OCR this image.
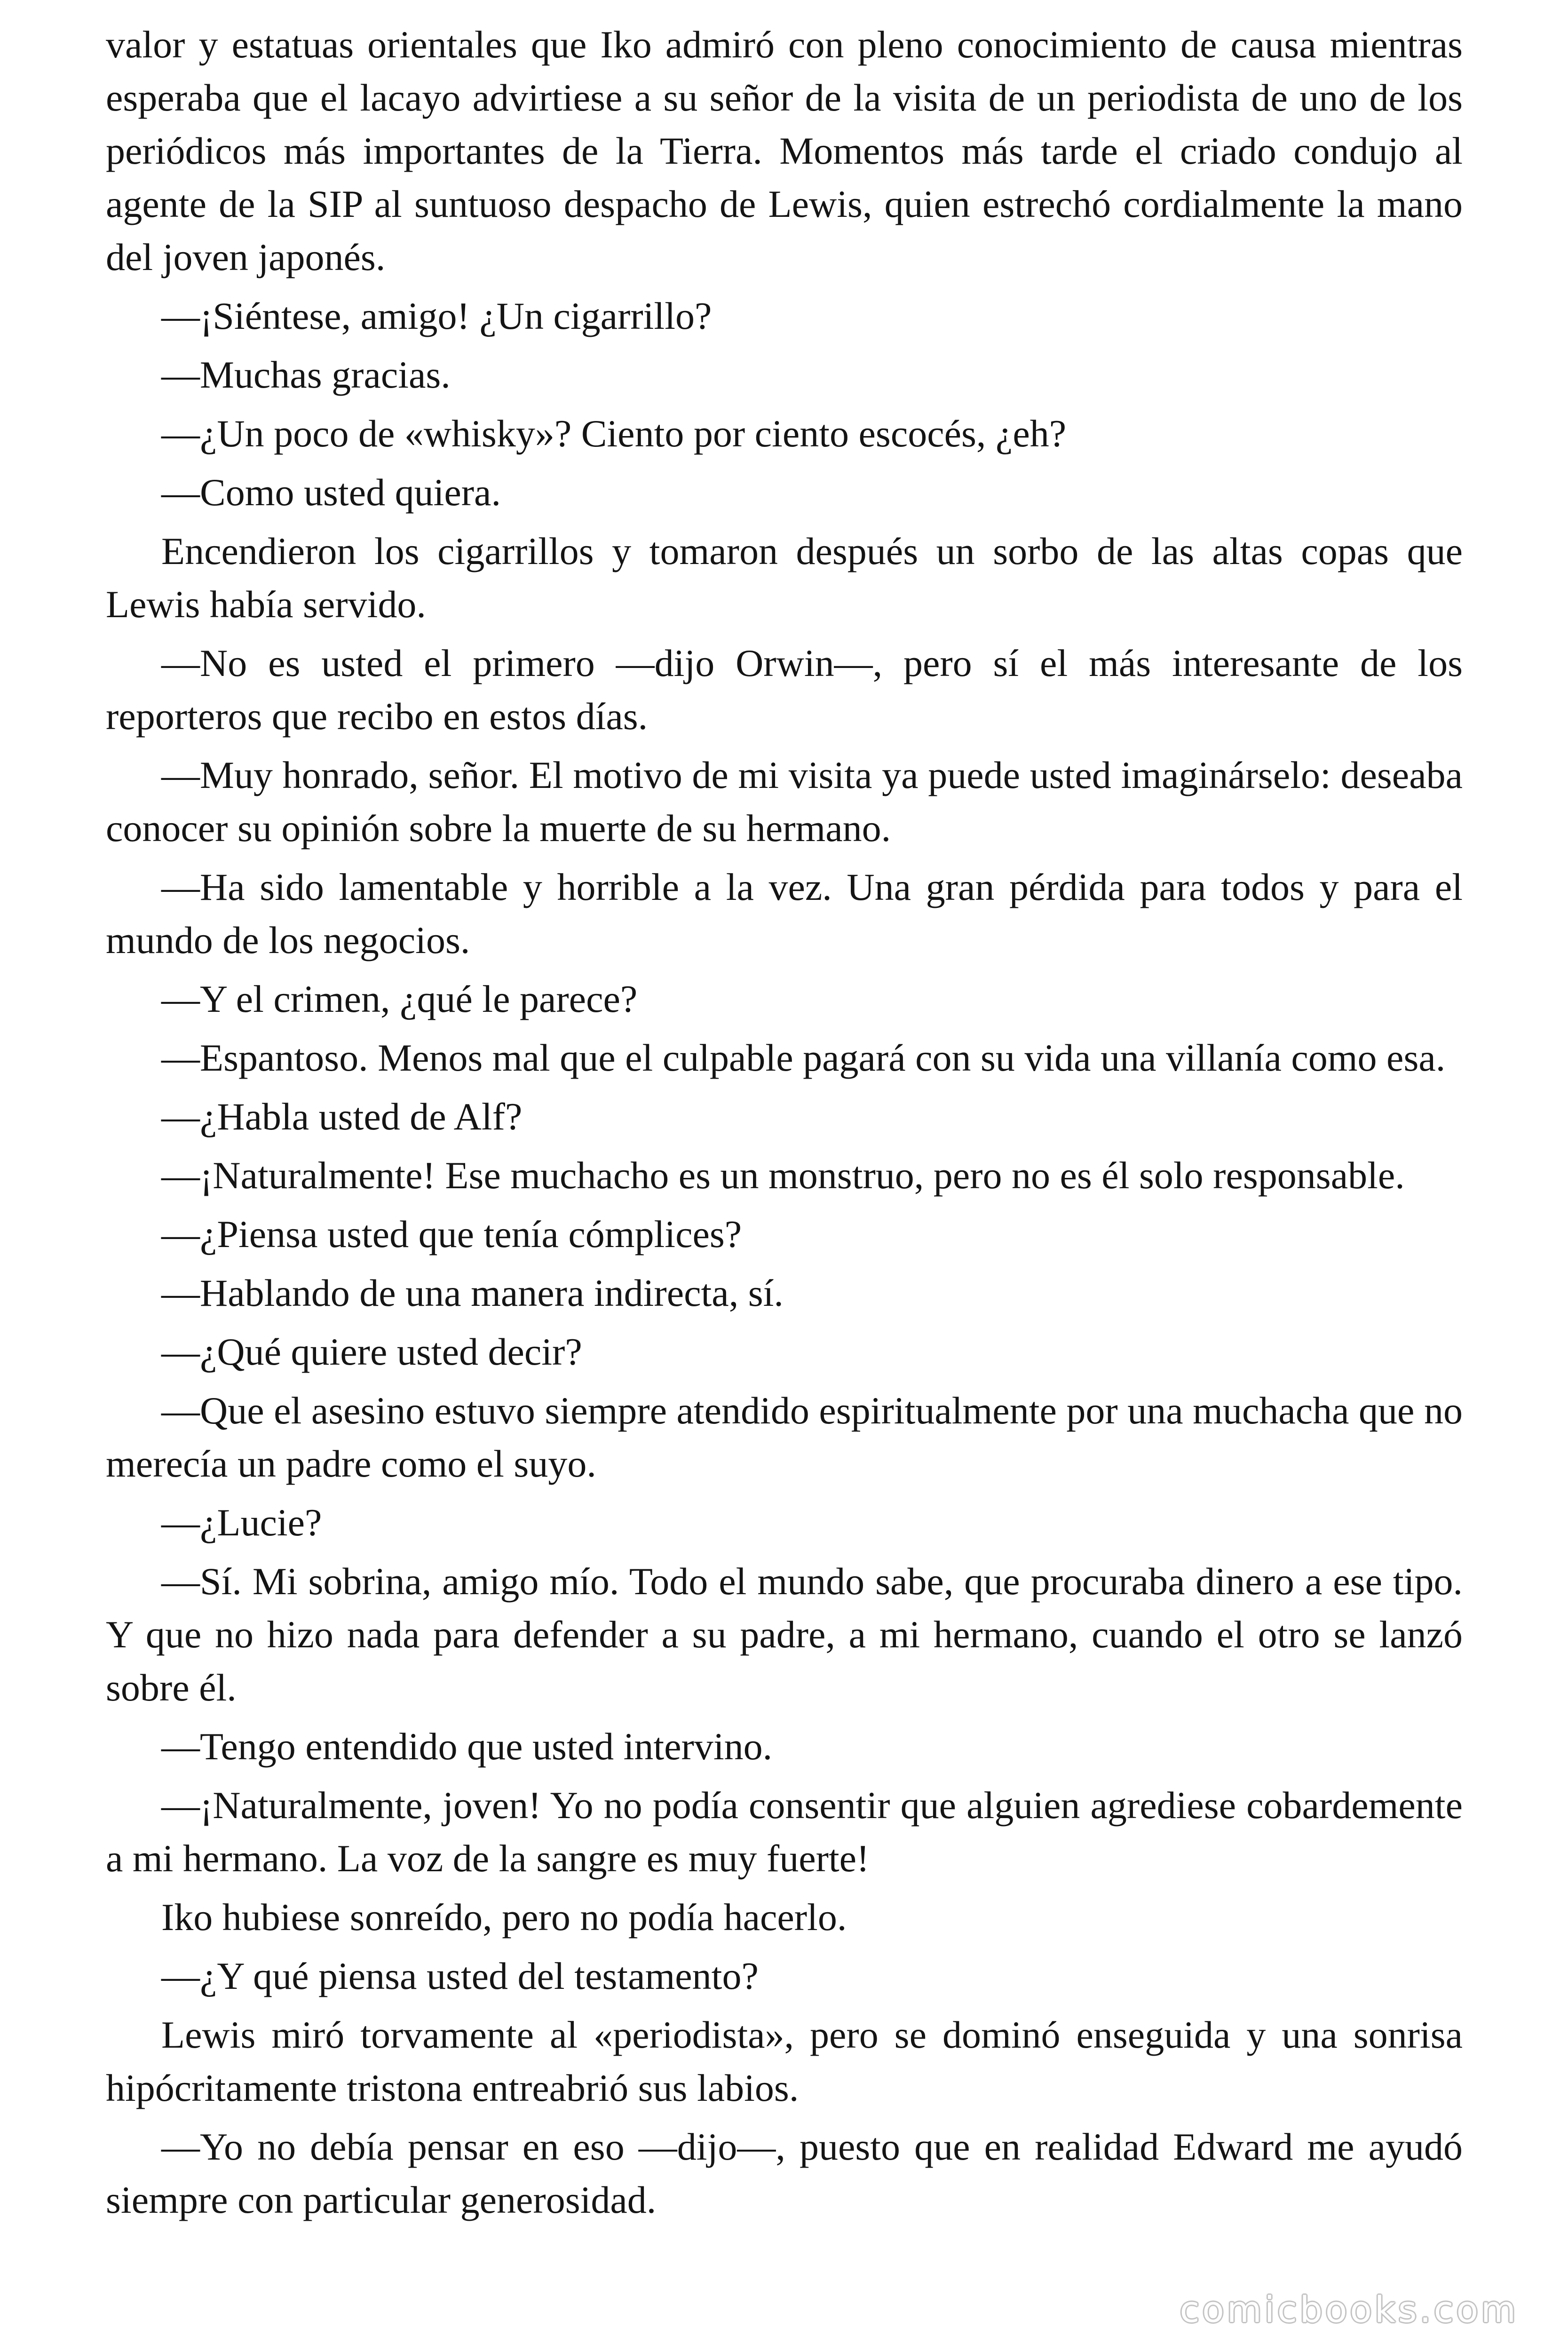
valor y estatuas orientales que Iko admiró con pleno conocimiento de causa mientras esperaba que el lacayo advirtiese a su señor de la visita de un periodista de uno de los periódicos más importantes de la Tierra. Momentos más tarde el criado condujo al agente de la SIP al suntuoso despacho de Lewis, quien estrechó cordialmente la mano del joven japonés.

—¡Siéntese, amigo! ¿Un cigarrillo?

—Muchas gracias.

—¿Un poco de «whisky»? Ciento por ciento escocés, ¿eh?

—Como usted quiera.

Encendieron los cigarrillos y tomaron después un sorbo de las altas copas que Lewis había servido.

—No es usted el primero —dijo Orwin—, pero sí el más interesante de los reporteros que recibo en estos días.

—Muy honrado, señor. El motivo de mi visita ya puede usted imaginárselo: deseaba conocer su opinión sobre la muerte de su hermano.

—Ha sido lamentable y horrible a la vez. Una gran pérdida para todos y para el mundo de los negocios.

—Y el crimen, ¿qué le parece?

—Espantoso. Menos mal que el culpable pagará con su vida una villanía como esa.

—¿Habla usted de Alf?

—¡Naturalmente! Ese muchacho es un monstruo, pero no es él solo responsable.

—¿Piensa usted que tenía cómplices?

—Hablando de una manera indirecta, sí.

—¿Qué quiere usted decir?

—Que el asesino estuvo siempre atendido espiritualmente por una muchacha que no merecía un padre como el suyo.

—¿Lucie?

—Sí. Mi sobrina, amigo mío. Todo el mundo sabe, que procuraba dinero a ese tipo. Y que no hizo nada para defender a su padre, a mi hermano, cuando el otro se lanzó sobre él.

—Tengo entendido que usted intervino.

—¡Naturalmente, joven! Yo no podía consentir que alguien agrediese cobardemente a mi hermano. La voz de la sangre es muy fuerte!

Iko hubiese sonreído, pero no podía hacerlo.

—¿Y qué piensa usted del testamento?

Lewis miró torvamente al «periodista», pero se dominó enseguida y una sonrisa hipócritamente tristona entreabrió sus labios.

—Yo no debía pensar en eso —dijo—, puesto que en realidad Edward me ayudó siempre con particular generosidad.

comicbooks.com
